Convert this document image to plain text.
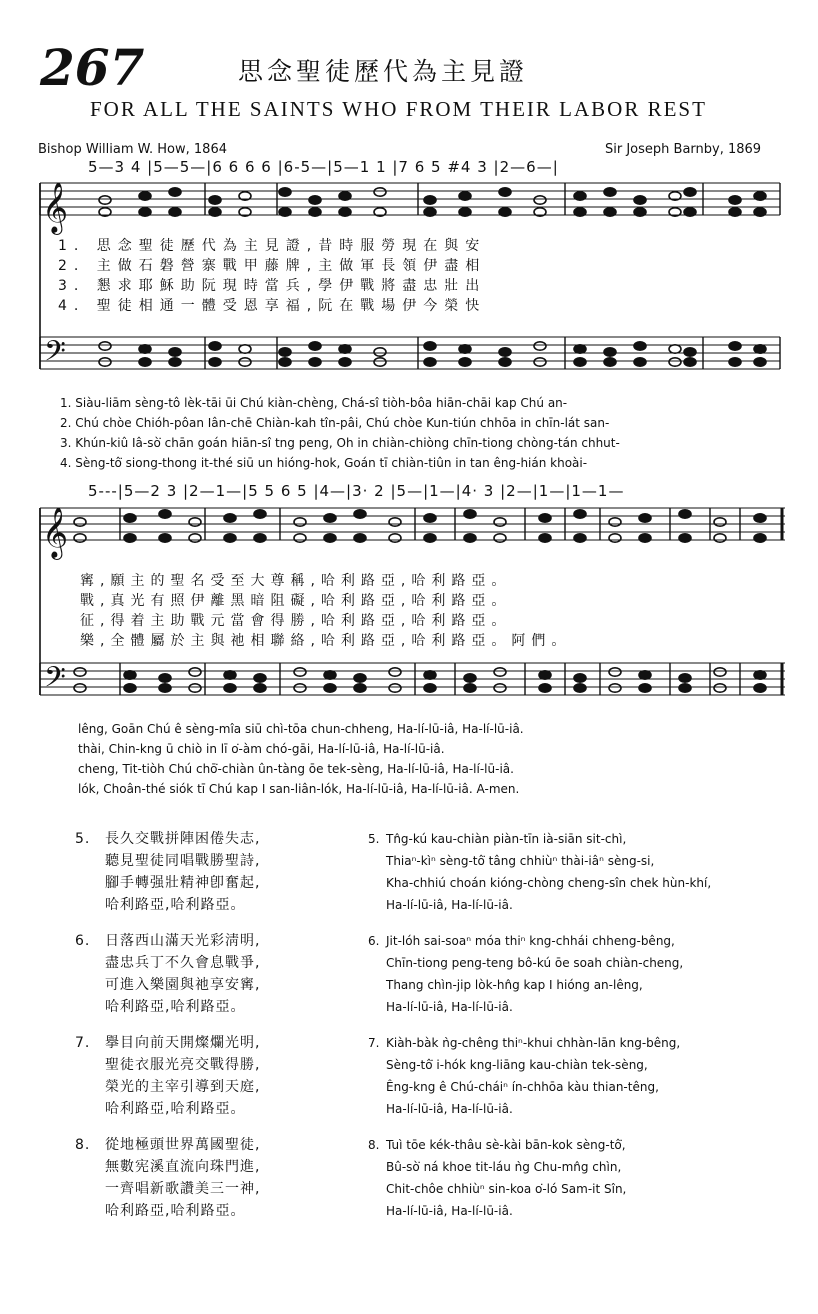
267	思念聖徒歷代為主見證
FOR ALL THE SAINTS WHO FROM THEIR LABOR REST
Bishop William W. How, 1864	Sir Joseph Barnby, 1869
𝄞
𝄞
𝄢
𝄢
5—3 4 |5—5—|6 6 6 6 |6-5—|5—1 1 |7 6 5 #4 3 |2—6—|
1. 思念聖徒歷代為主見證,昔時服勞現在與安
2. 主做石磐營寨戰甲藤牌,主做軍長領伊盡相
3. 懇求耶穌助阮現時當兵,學伊戰將盡忠壯出
4. 聖徒相通一體受恩享福,阮在戰場伊今榮快
1. Siàu-liām sèng-tô lèk-tāi ūi Chú kiàn-chèng, Chá-sî tiòh-bôa hiān-chāi kap Chú an-
2. Chú chòe Chióh-pôan Iân-chē Chiàn-kah tîn-pâi, Chú chòe Kun-tiún chhōa in chīn-lát san-
3. Khún-kiû Iâ-sò͘ chān goán hiān-sî tng peng, Oh in chiàn-chiòng chīn-tiong chòng-tán chhut-
4. Sèng-tô͘ siong-thong it-thé siū un hióng-hok, Goán tī chiàn-tiûn in tan êng-hián khoài-
5---|5—2 3 |2—1—|5 5 6 5 |4—|3· 2 |5—|1—|4· 3 |2—|1—|1—1—
寗,願主的聖名受至大尊稱,哈利路亞,哈利路亞。
戰,真光有照伊離黑暗阻礙,哈利路亞,哈利路亞。
征,得着主助戰元當會得勝,哈利路亞,哈利路亞。
樂,全體屬於主與祂相聯絡,哈利路亞,哈利路亞。阿們。
lêng, Goān Chú ê sèng-mîa siū chì-tōa chun-chheng, Ha-lí-lū-iâ, Ha-lí-lū-iâ.
thài, Chin-kng ū chiò in lī o͘-àm chó-gāi, Ha-lí-lū-iâ, Ha-lí-lū-iâ.
cheng, Tit-tiòh Chú chō͘-chiàn ûn-tàng ōe tek-sèng, Ha-lí-lū-iâ, Ha-lí-lū-iâ.
lók, Choân-thé siók tī Chú kap I san-liân-lók, Ha-lí-lū-iâ, Ha-lí-lū-iâ. A-men.
5. 長久交戰拼陣困倦失志,
聽見聖徒同唱戰勝聖詩,
腳手轉强壯精神卽奮起,
哈利路亞,哈利路亞。
5. Tn̂g-kú kau-chiàn piàn-tīn ià-siān sit-chì,
Thiaⁿ-kìⁿ sèng-tô͘ tâng chhiùⁿ thài-iâⁿ sèng-si,
Kha-chhiú choán kióng-chòng cheng-sîn chek hùn-khí,
Ha-lí-lū-iâ, Ha-lí-lū-iâ.
6. 日落西山滿天光彩淸明,
盡忠兵丁不久會息戰爭,
可進入樂園與祂享安寗,
哈利路亞,哈利路亞。
6. Jit-lóh sai-soaⁿ móa thiⁿ kng-chhái chheng-bêng,
Chīn-tiong peng-teng bô-kú ōe soah chiàn-cheng,
Thang chìn-jip lòk-hn̂g kap I hióng an-lêng,
Ha-lí-lū-iâ, Ha-lí-lū-iâ.
7. 擧目向前天開燦爛光明,
聖徒衣服光亮交戰得勝,
榮光的主宰引導到天庭,
哈利路亞,哈利路亞。
7. Kiàh-bàk ǹg-chêng thiⁿ-khui chhàn-lān kng-bêng,
Sèng-tô͘ i-hók kng-liāng kau-chiàn tek-sèng,
Êng-kng ê Chú-cháiⁿ ín-chhōa kàu thian-têng,
Ha-lí-lū-iâ, Ha-lí-lū-iâ.
8. 從地極頭世界萬國聖徒,
無數宪溪直流向珠門進,
一齊唱新歌讚美三一神,
哈利路亞,哈利路亞。
8. Tuì tōe kék-thâu sè-kài bān-kok sèng-tô͘,
Bû-sò͘ ná khoe tit-láu ǹg Chu-mn̂g chìn,
Chit-chôe chhiùⁿ sin-koa o͘-ló Sam-it Sîn,
Ha-lí-lū-iâ, Ha-lí-lū-iâ.
